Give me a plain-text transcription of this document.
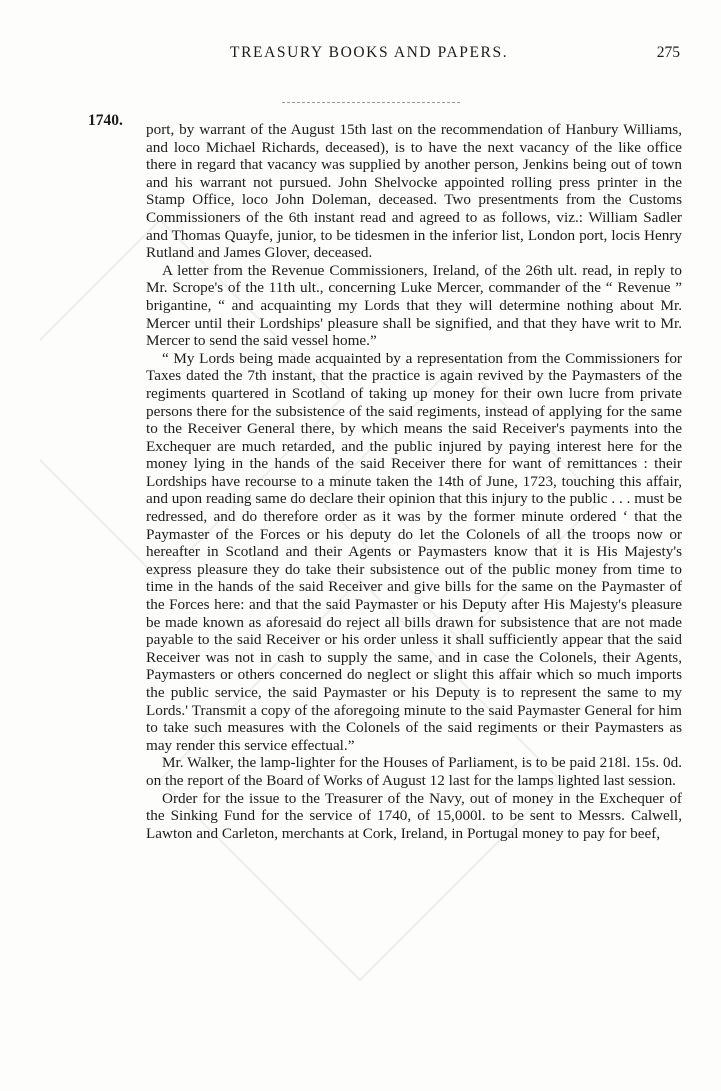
TREASURY BOOKS AND PAPERS.	275
1740.

port, by warrant of the August 15th last on the recommendation of Hanbury Williams, and loco Michael Richards, deceased), is to have the next vacancy of the like office there in regard that vacancy was supplied by another person, Jenkins being out of town and his warrant not pursued. John Shelvocke appointed rolling press printer in the Stamp Office, loco John Doleman, deceased. Two presentments from the Customs Commissioners of the 6th instant read and agreed to as follows, viz.: William Sadler and Thomas Quayfe, junior, to be tidesmen in the inferior list, London port, locis Henry Rutland and James Glover, deceased.

A letter from the Revenue Commissioners, Ireland, of the 26th ult. read, in reply to Mr. Scrope's of the 11th ult., concerning Luke Mercer, commander of the “ Revenue ” brigantine, “ and acquainting my Lords that they will determine nothing about Mr. Mercer until their Lordships' pleasure shall be signified, and that they have writ to Mr. Mercer to send the said vessel home.”

“ My Lords being made acquainted by a representation from the Commissioners for Taxes dated the 7th instant, that the practice is again revived by the Paymasters of the regiments quartered in Scotland of taking up money for their own lucre from private persons there for the subsistence of the said regiments, instead of applying for the same to the Receiver General there, by which means the said Receiver's payments into the Exchequer are much retarded, and the public injured by paying interest here for the money lying in the hands of the said Receiver there for want of remittances : their Lordships have recourse to a minute taken the 14th of June, 1723, touching this affair, and upon reading same do declare their opinion that this injury to the public . . . must be redressed, and do therefore order as it was by the former minute ordered ‘ that the Paymaster of the Forces or his deputy do let the Colonels of all the troops now or hereafter in Scotland and their Agents or Paymasters know that it is His Majesty's express pleasure they do take their subsistence out of the public money from time to time in the hands of the said Receiver and give bills for the same on the Paymaster of the Forces here: and that the said Paymaster or his Deputy after His Majesty's pleasure be made known as aforesaid do reject all bills drawn for subsistence that are not made payable to the said Receiver or his order unless it shall sufficiently appear that the said Receiver was not in cash to supply the same, and in case the Colonels, their Agents, Paymasters or others concerned do neglect or slight this affair which so much imports the public service, the said Paymaster or his Deputy is to represent the same to my Lords.' Transmit a copy of the aforegoing minute to the said Paymaster General for him to take such measures with the Colonels of the said regiments or their Paymasters as may render this service effectual.”

Mr. Walker, the lamp-lighter for the Houses of Parliament, is to be paid 218l. 15s. 0d. on the report of the Board of Works of August 12 last for the lamps lighted last session.

Order for the issue to the Treasurer of the Navy, out of money in the Exchequer of the Sinking Fund for the service of 1740, of 15,000l. to be sent to Messrs. Calwell, Lawton and Carleton, merchants at Cork, Ireland, in Portugal money to pay for beef,
